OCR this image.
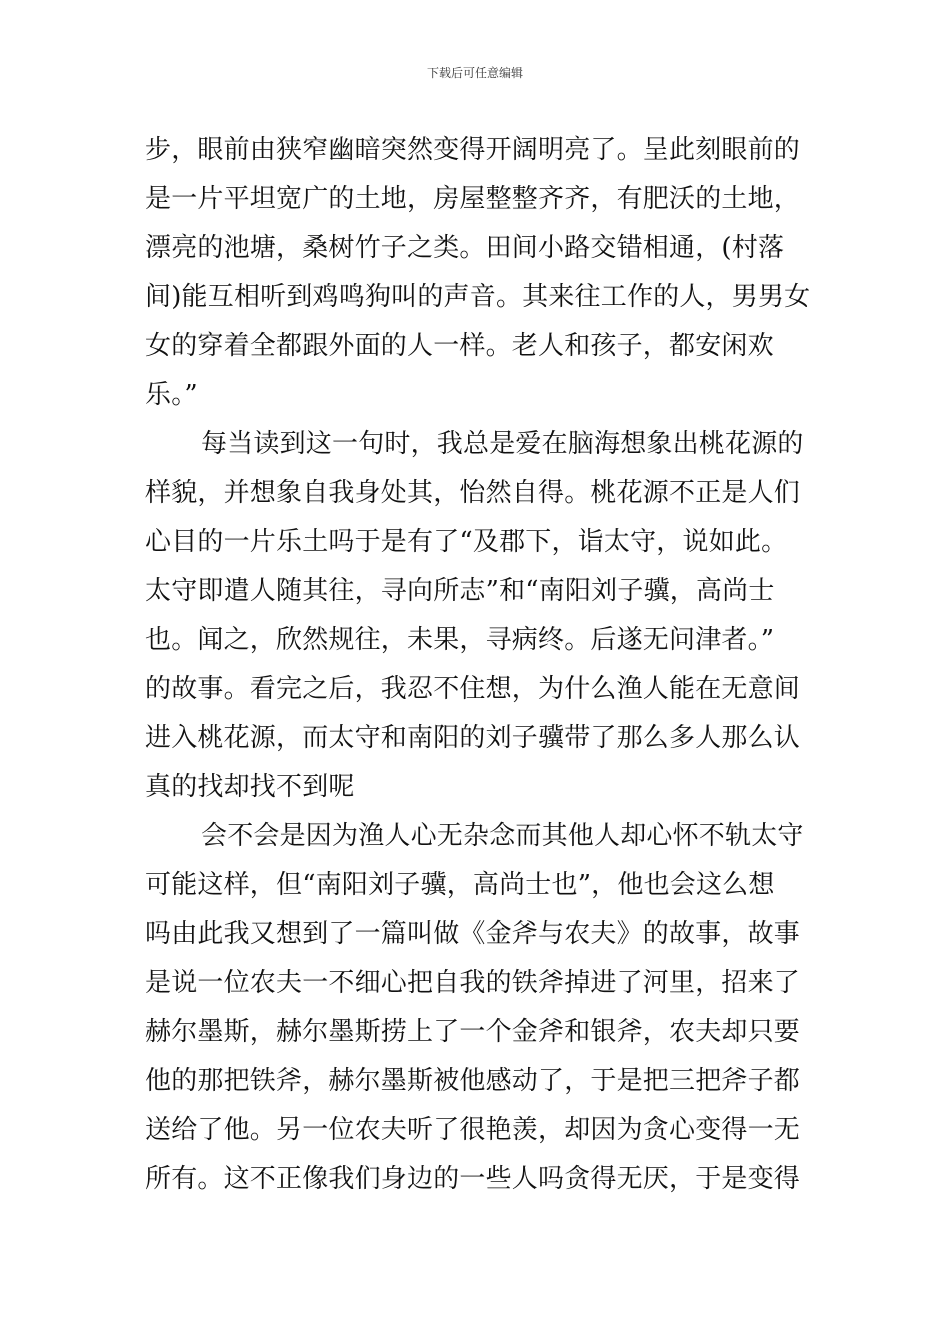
下载后可任意编辑
步，眼前由狭窄幽暗突然变得开阔明亮了。呈此刻眼前的
是一片平坦宽广的土地，房屋整整齐齐，有肥沃的土地，
漂亮的池塘，桑树竹子之类。田间小路交错相通，(村落
间)能互相听到鸡鸣狗叫的声音。其来往工作的人，男男女
女的穿着全都跟外面的人一样。老人和孩子，都安闲欢
乐。”
每当读到这一句时，我总是爱在脑海想象出桃花源的
样貌，并想象自我身处其，怡然自得。桃花源不正是人们
心目的一片乐土吗于是有了“及郡下，诣太守，说如此。
太守即遣人随其往，寻向所志”和“南阳刘子骥，高尚士
也。闻之，欣然规往，未果，寻病终。后遂无问津者。”
的故事。看完之后，我忍不住想，为什么渔人能在无意间
进入桃花源，而太守和南阳的刘子骥带了那么多人那么认
真的找却找不到呢
会不会是因为渔人心无杂念而其他人却心怀不轨太守
可能这样，但“南阳刘子骥，高尚士也”，他也会这么想
吗由此我又想到了一篇叫做《金斧与农夫》的故事，故事
是说一位农夫一不细心把自我的铁斧掉进了河里，招来了
赫尔墨斯，赫尔墨斯捞上了一个金斧和银斧，农夫却只要
他的那把铁斧，赫尔墨斯被他感动了，于是把三把斧子都
送给了他。另一位农夫听了很艳羡，却因为贪心变得一无
所有。这不正像我们身边的一些人吗贪得无厌，于是变得
